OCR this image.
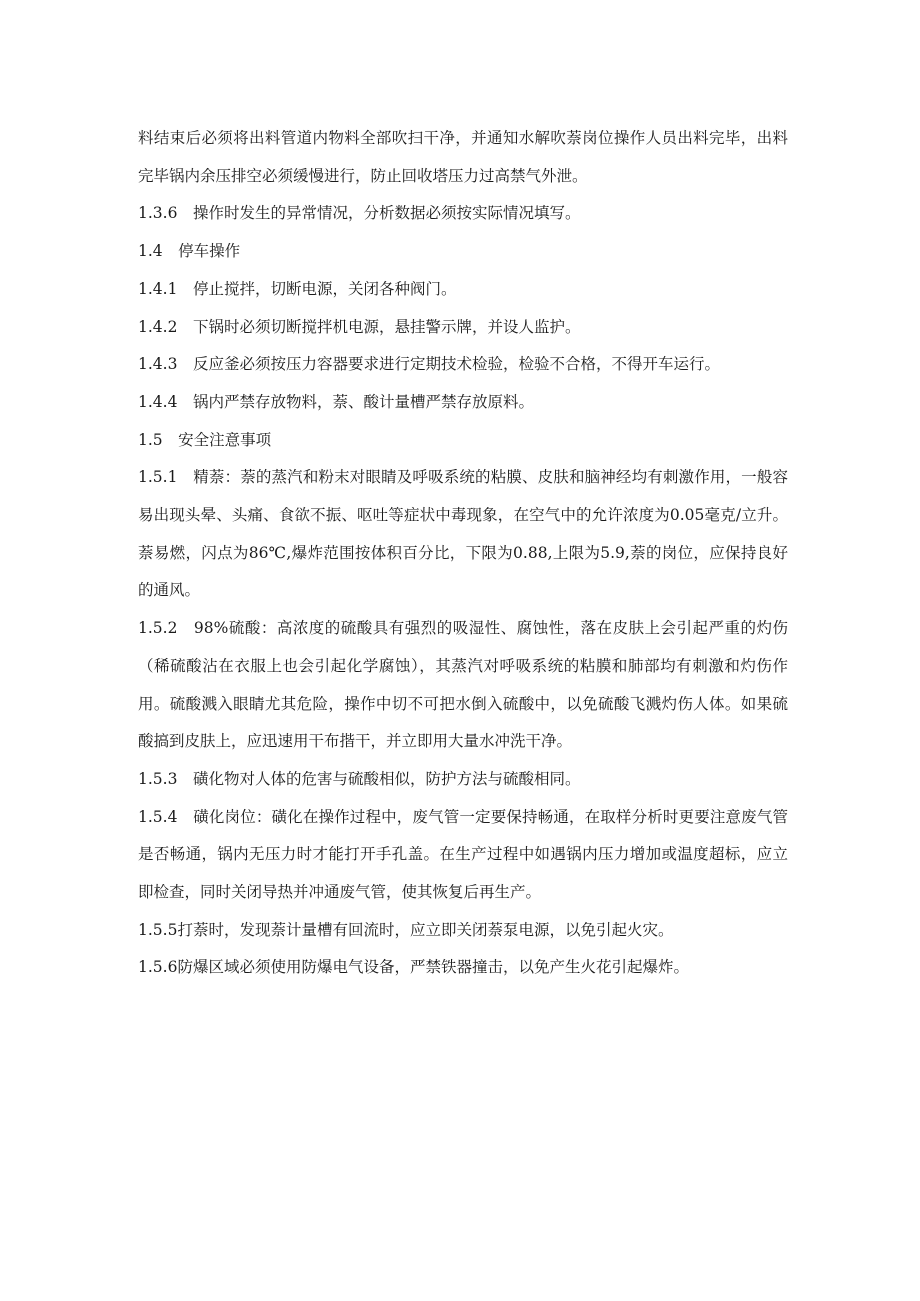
料结束后必须将出料管道内物料全部吹扫干净，并通知水解吹萘岗位操作人员出料完毕，出料完毕锅内余压排空必须缓慢进行，防止回收塔压力过高禁气外泄。

1.3.6　操作时发生的异常情况，分析数据必须按实际情况填写。

1.4　停车操作

1.4.1　停止搅拌，切断电源，关闭各种阀门。

1.4.2　下锅时必须切断搅拌机电源，悬挂警示牌，并设人监护。

1.4.3　反应釜必须按压力容器要求进行定期技术检验，检验不合格，不得开车运行。

1.4.4　锅内严禁存放物料，萘、酸计量槽严禁存放原料。

1.5　安全注意事项

1.5.1　精萘：萘的蒸汽和粉末对眼睛及呼吸系统的粘膜、皮肤和脑神经均有刺激作用，一般容易出现头晕、头痛、食欲不振、呕吐等症状中毒现象，在空气中的允许浓度为0.05毫克/立升。萘易燃，闪点为86℃,爆炸范围按体积百分比，下限为0.88,上限为5.9,萘的岗位，应保持良好的通风。

1.5.2　98%硫酸：高浓度的硫酸具有强烈的吸湿性、腐蚀性，落在皮肤上会引起严重的灼伤（稀硫酸沾在衣服上也会引起化学腐蚀），其蒸汽对呼吸系统的粘膜和肺部均有刺激和灼伤作用。硫酸溅入眼睛尤其危险，操作中切不可把水倒入硫酸中，以免硫酸飞溅灼伤人体。如果硫酸搞到皮肤上，应迅速用干布揩干，并立即用大量水冲洗干净。

1.5.3　磺化物对人体的危害与硫酸相似，防护方法与硫酸相同。

1.5.4　磺化岗位：磺化在操作过程中，废气管一定要保持畅通，在取样分析时更要注意废气管是否畅通，锅内无压力时才能打开手孔盖。在生产过程中如遇锅内压力增加或温度超标，应立即检查，同时关闭导热并冲通废气管，使其恢复后再生产。

1.5.5打萘时，发现萘计量槽有回流时，应立即关闭萘泵电源，以免引起火灾。

1.5.6防爆区域必须使用防爆电气设备，严禁铁器撞击，以免产生火花引起爆炸。
